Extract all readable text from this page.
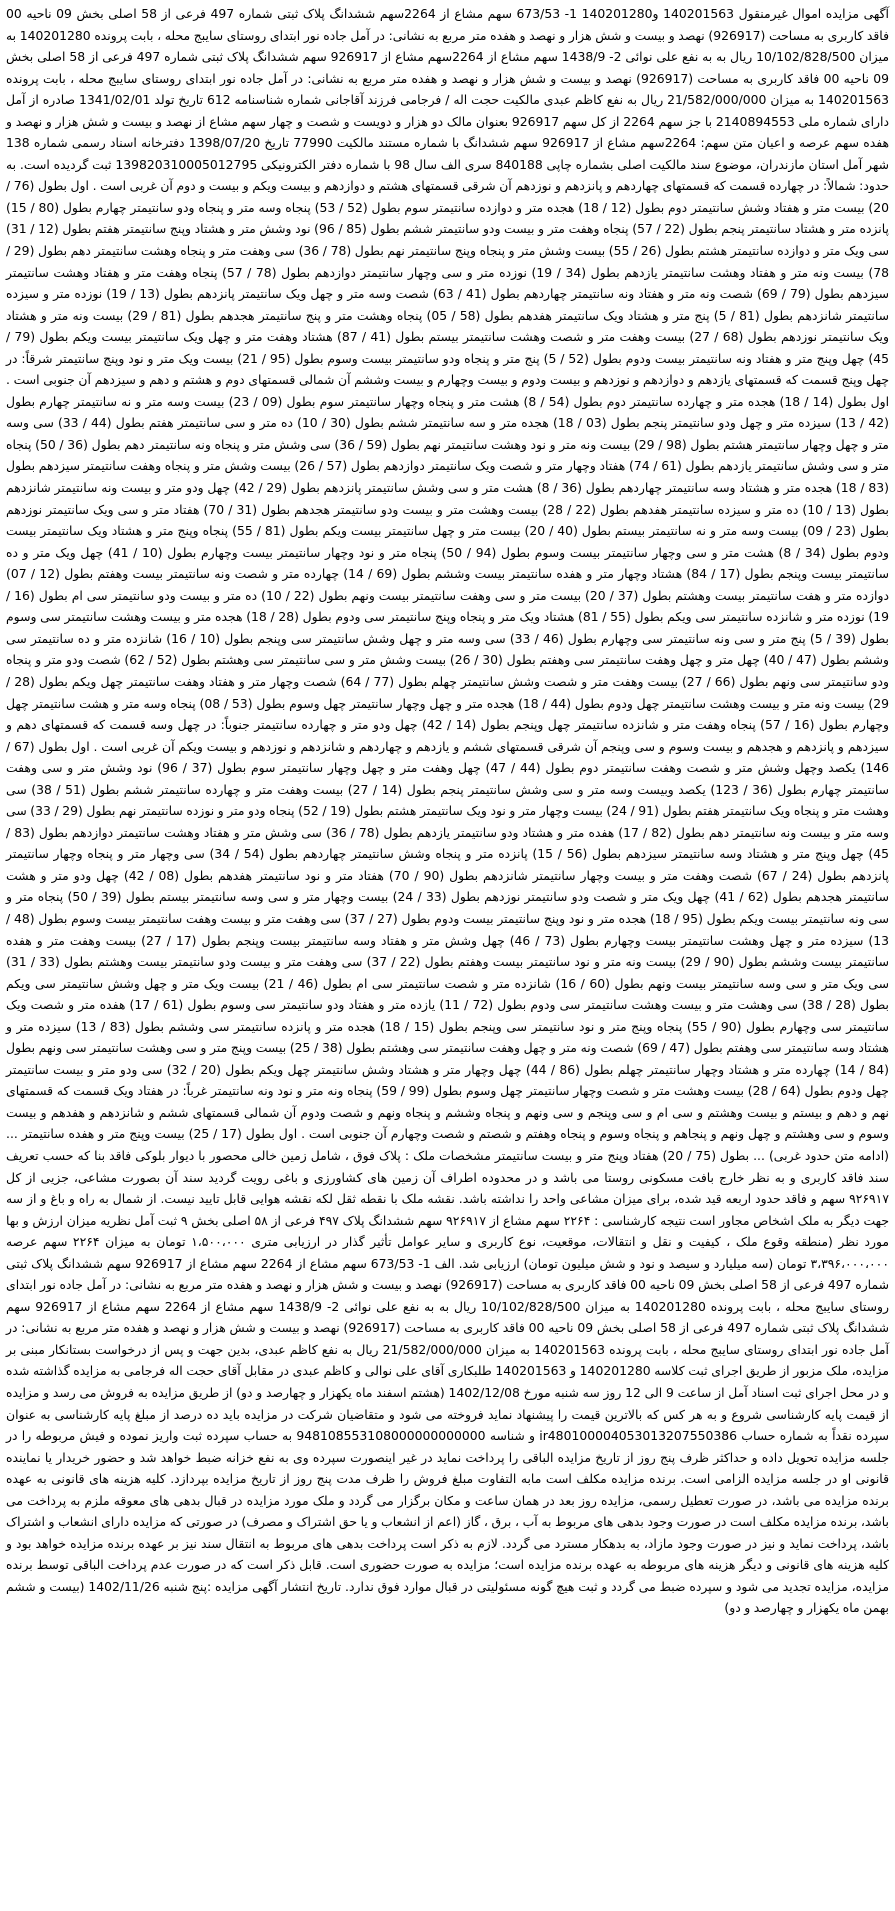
آگهی مزایده اموال غیرمنقول 140201563 و140201280 1- 673/53 سهم مشاع از 2264سهم ششدانگ پلاک ثبتی شماره 497 فرعی از 58 اصلی بخش 09 ناحیه 00 فاقد کاربری به مساحت (926917) نهصد و بیست و شش هزار و نهصد و هفده متر مربع به نشانی: در آمل جاده نور ابتدای روستای سایبج محله ، بابت پرونده 140201280 به میزان 10/102/828/500 ریال به به نفع علی نوائی 2- 1438/9 سهم مشاع از 2264سهم مشاع از 926917 سهم ششدانگ پلاک ثبتی شماره 497 فرعی از 58 اصلی بخش 09 ناحیه 00 فاقد کاربری به مساحت (926917) نهصد و بیست و شش هزار و نهصد و هفده متر مربع به نشانی: در آمل جاده نور ابتدای روستای سایبج محله ، بابت پرونده 140201563 به میزان 21/582/000/000 ریال به نفع کاظم عبدی مالکیت حجت اله / فرجامی فرزند آقاجانی شماره شناسنامه 612 تاریخ تولد 1341/02/01 صادره از آمل دارای شماره ملی 2140894553 با جز سهم 2264 از کل سهم 926917 بعنوان مالک دو هزار و دویست و شصت و چهار سهم مشاع از نهصد و بیست و شش هزار و نهصد و هفده سهم عرصه و اعیان متن سهم: 2264سهم مشاع از 926917 سهم ششدانگ با شماره مستند مالکیت 77990 تاریخ 1398/07/20 دفترخانه اسناد رسمی شماره 138 شهر آمل استان مازندران، موضوع سند مالکیت اصلی بشماره چاپی 840188 سری الف سال 98 با شماره دفتر الکترونیکی 139820310005012795 ثبت گردیده است. به حدود: شمالاً: در چهارده قسمت که قسمتهای چهاردهم و پانزدهم و نوزدهم آن شرقی قسمتهای هشتم و دوازدهم و بیست ویکم و بیست و دوم آن غربی است . اول بطول (76 / 20) بیست متر و هفتاد وشش سانتیمتر دوم بطول (12 / 18) هجده متر و دوازده سانتیمتر سوم بطول (52 / 53) پنجاه وسه متر و پنجاه ودو سانتیمتر چهارم بطول (80 / 15) پانزده متر و هشتاد سانتیمتر پنجم بطول (22 / 57) پنجاه وهفت متر و بیست ودو سانتیمتر ششم بطول (85 / 96) نود وشش متر و هشتاد وپنج سانتیمتر هفتم بطول (12 / 31) سی ویک متر و دوازده سانتیمتر هشتم بطول (26 / 55) بیست وشش متر و پنجاه وپنج سانتیمتر نهم بطول (78 / 36) سی وهفت متر و پنجاه وهشت سانتیمتر دهم بطول (29 / 78) بیست ونه متر و هفتاد وهشت سانتیمتر یازدهم بطول (34 / 19) نوزده متر و سی وچهار سانتیمتر دوازدهم بطول (78 / 57) پنجاه وهفت متر و هفتاد وهشت سانتیمتر سیزدهم بطول (79 / 69) شصت ونه متر و هفتاد ونه سانتیمتر چهاردهم بطول (41 / 63) شصت وسه متر و چهل ویک سانتیمتر پانزدهم بطول (13 / 19) نوزده متر و سیزده سانتیمتر شانزدهم بطول (81 / 5) پنج متر و هشتاد ویک سانتیمتر هفدهم بطول (58 / 05) پنجاه وهشت متر و پنج سانتیمتر هجدهم بطول (81 / 29) بیست ونه متر و هشتاد ویک سانتیمتر نوزدهم بطول (68 / 27) بیست وهفت متر و شصت وهشت سانتیمتر بیستم بطول (41 / 87) هشتاد وهفت متر و چهل ویک سانتیمتر بیست ویکم بطول (79 / 45) چهل وپنج متر و هفتاد ونه سانتیمتر بیست ودوم بطول (52 / 5) پنج متر و پنجاه ودو سانتیمتر بیست وسوم بطول (95 / 21) بیست ویک متر و نود وپنج سانتیمتر شرقاً: در چهل وپنج قسمت که قسمتهای یازدهم و دوازدهم و نوزدهم و بیست ودوم و بیست وچهارم و بیست وششم آن شمالی قسمتهای دوم و هشتم و دهم و سیزدهم آن جنوبی است . اول بطول (14 / 18) هجده متر و چهارده سانتیمتر دوم بطول (54 / 8) هشت متر و پنجاه وچهار سانتیمتر سوم بطول (09 / 23) بیست وسه متر و نه سانتیمتر چهارم بطول (42 / 13) سیزده متر و چهل ودو سانتیمتر پنجم بطول (03 / 18) هجده متر و سه سانتیمتر ششم بطول (30 / 10) ده متر و سی سانتیمتر هفتم بطول (44 / 33) سی وسه متر و چهل وچهار سانتیمتر هشتم بطول (98 / 29) بیست ونه متر و نود وهشت سانتیمتر نهم بطول (59 / 36) سی وشش متر و پنجاه ونه سانتیمتر دهم بطول (36 / 50) پنجاه متر و سی وشش سانتیمتر یازدهم بطول (61 / 74) هفتاد وچهار متر و شصت ویک سانتیمتر دوازدهم بطول (57 / 26) بیست وشش متر و پنجاه وهفت سانتیمتر سیزدهم بطول (83 / 18) هجده متر و هشتاد وسه سانتیمتر چهاردهم بطول (36 / 8) هشت متر و سی وشش سانتیمتر پانزدهم بطول (29 / 42) چهل ودو متر و بیست ونه سانتیمتر شانزدهم بطول (13 / 10) ده متر و سیزده سانتیمتر هفدهم بطول (22 / 28) بیست وهشت متر و بیست ودو سانتیمتر هجدهم بطول (31 / 70) هفتاد متر و سی ویک سانتیمتر نوزدهم بطول (23 / 09) بیست وسه متر و نه سانتیمتر بیستم بطول (40 / 20) بیست متر و چهل سانتیمتر بیست ویکم بطول (81 / 55) پنجاه وپنج متر و هشتاد ویک سانتیمتر بیست ودوم بطول (34 / 8) هشت متر و سی وچهار سانتیمتر بیست وسوم بطول (94 / 50) پنجاه متر و نود وچهار سانتیمتر بیست وچهارم بطول (10 / 41) چهل ویک متر و ده سانتیمتر بیست وپنجم بطول (17 / 84) هشتاد وچهار متر و هفده سانتیمتر بیست وششم بطول (69 / 14) چهارده متر و شصت ونه سانتیمتر بیست وهفتم بطول (12 / 07) دوازده متر و هفت سانتیمتر بیست وهشتم بطول (37 / 20) بیست متر و سی وهفت سانتیمتر بیست ونهم بطول (22 / 10) ده متر و بیست ودو سانتیمتر سی ام بطول (16 / 19) نوزده متر و شانزده سانتیمتر سی ویکم بطول (55 / 81) هشتاد ویک متر و پنجاه وپنج سانتیمتر سی ودوم بطول (28 / 18) هجده متر و بیست وهشت سانتیمتر سی وسوم بطول (39 / 5) پنج متر و سی ونه سانتیمتر سی وچهارم بطول (46 / 33) سی وسه متر و چهل وشش سانتیمتر سی وپنجم بطول (10 / 16) شانزده متر و ده سانتیمتر سی وششم بطول (47 / 40) چهل متر و چهل وهفت سانتیمتر سی وهفتم بطول (30 / 26) بیست وشش متر و سی سانتیمتر سی وهشتم بطول (52 / 62) شصت ودو متر و پنجاه ودو سانتیمتر سی ونهم بطول (66 / 27) بیست وهفت متر و شصت وشش سانتیمتر چهلم بطول (77 / 64) شصت وچهار متر و هفتاد وهفت سانتیمتر چهل ویکم بطول (28 / 29) بیست ونه متر و بیست وهشت سانتیمتر چهل ودوم بطول (44 / 18) هجده متر و چهل وچهار سانتیمتر چهل وسوم بطول (53 / 08) پنجاه وسه متر و هشت سانتیمتر چهل وچهارم بطول (16 / 57) پنجاه وهفت متر و شانزده سانتیمتر چهل وپنجم بطول (14 / 42) چهل ودو متر و چهارده سانتیمتر جنوباً: در چهل وسه قسمت که قسمتهای دهم و سیزدهم و پانزدهم و هجدهم و بیست وسوم و سی وپنجم آن شرقی قسمتهای ششم و یازدهم و چهاردهم و شانزدهم و نوزدهم و بیست ویکم آن غربی است . اول بطول (67 / 146) یکصد وچهل وشش متر و شصت وهفت سانتیمتر دوم بطول (44 / 47) چهل وهفت متر و چهل وچهار سانتیمتر سوم بطول (37 / 96) نود وشش متر و سی وهفت سانتیمتر چهارم بطول (36 / 123) یکصد وبیست وسه متر و سی وشش سانتیمتر پنجم بطول (14 / 27) بیست وهفت متر و چهارده سانتیمتر ششم بطول (51 / 38) سی وهشت متر و پنجاه ویک سانتیمتر هفتم بطول (91 / 24) بیست وچهار متر و نود ویک سانتیمتر هشتم بطول (19 / 52) پنجاه ودو متر و نوزده سانتیمتر نهم بطول (29 / 33) سی وسه متر و بیست ونه سانتیمتر دهم بطول (82 / 17) هفده متر و هشتاد ودو سانتیمتر یازدهم بطول (78 / 36) سی وشش متر و هفتاد وهشت سانتیمتر دوازدهم بطول (83 / 45) چهل وپنج متر و هشتاد وسه سانتیمتر سیزدهم بطول (56 / 15) پانزده متر و پنجاه وشش سانتیمتر چهاردهم بطول (54 / 34) سی وچهار متر و پنجاه وچهار سانتیمتر پانزدهم بطول (24 / 67) شصت وهفت متر و بیست وچهار سانتیمتر شانزدهم بطول (90 / 70) هفتاد متر و نود سانتیمتر هفدهم بطول (08 / 42) چهل ودو متر و هشت سانتیمتر هجدهم بطول (62 / 41) چهل ویک متر و شصت ودو سانتیمتر نوزدهم بطول (33 / 24) بیست وچهار متر و سی وسه سانتیمتر بیستم بطول (39 / 50) پنجاه متر و سی ونه سانتیمتر بیست ویکم بطول (95 / 18) هجده متر و نود وپنج سانتیمتر بیست ودوم بطول (27 / 37) سی وهفت متر و بیست وهفت سانتیمتر بیست وسوم بطول (48 / 13) سیزده متر و چهل وهشت سانتیمتر بیست وچهارم بطول (73 / 46) چهل وشش متر و هفتاد وسه سانتیمتر بیست وپنجم بطول (17 / 27) بیست وهفت متر و هفده سانتیمتر بیست وششم بطول (90 / 29) بیست ونه متر و نود سانتیمتر بیست وهفتم بطول (22 / 37) سی وهفت متر و بیست ودو سانتیمتر بیست وهشتم بطول (33 / 31) سی ویک متر و سی وسه سانتیمتر بیست ونهم بطول (60 / 16) شانزده متر و شصت سانتیمتر سی ام بطول (46 / 21) بیست ویک متر و چهل وشش سانتیمتر سی ویکم بطول (28 / 38) سی وهشت متر و بیست وهشت سانتیمتر سی ودوم بطول (72 / 11) یازده متر و هفتاد ودو سانتیمتر سی وسوم بطول (61 / 17) هفده متر و شصت ویک سانتیمتر سی وچهارم بطول (90 / 55) پنجاه وپنج متر و نود سانتیمتر سی وپنجم بطول (15 / 18) هجده متر و پانزده سانتیمتر سی وششم بطول (83 / 13) سیزده متر و هشتاد وسه سانتیمتر سی وهفتم بطول (47 / 69) شصت ونه متر و چهل وهفت سانتیمتر سی وهشتم بطول (38 / 25) بیست وپنج متر و سی وهشت سانتیمتر سی ونهم بطول (84 / 14) چهارده متر و هشتاد وچهار سانتیمتر چهلم بطول (86 / 44) چهل وچهار متر و هشتاد وشش سانتیمتر چهل ویکم بطول (20 / 32) سی ودو متر و بیست سانتیمتر چهل ودوم بطول (64 / 28) بیست وهشت متر و شصت وچهار سانتیمتر چهل وسوم بطول (99 / 59) پنجاه ونه متر و نود ونه سانتیمتر غرباً: در هفتاد ویک قسمت که قسمتهای نهم و دهم و بیستم و بیست وهشتم و سی ام و سی وپنجم و سی ونهم و پنجاه وششم و پنجاه ونهم و شصت ودوم آن شمالی قسمتهای ششم و شانزدهم و هفدهم و بیست وسوم و سی وهشتم و چهل ونهم و پنجاهم و پنجاه وسوم و پنجاه وهفتم و شصتم و شصت وچهارم آن جنوبی است . اول بطول (17 / 25) بیست وپنج متر و هفده سانتیمتر ... (ادامه متن حدود غربی) ... بطول (75 / 20) هفتاد وپنج متر و بیست سانتیمتر مشخصات ملک : پلاک فوق ، شامل زمین خالی محصور با دیوار بلوکی فاقد بنا که حسب تعریف سند فاقد کاربری و به نظر خارج بافت مسکونی روستا می باشد و در محدوده اطراف آن زمین های کشاورزی و باغی رویت گردید سند آن بصورت مشاعی، جزیی از کل ۹۲۶۹۱۷ سهم و فاقد حدود اربعه قید شده، برای میزان مشاعی واحد را نداشته باشد. نقشه ملک با نقطه ثقل لکه نقشه هوایی قابل تایید نیست. از شمال به راه و باغ و از سه جهت دیگر به ملک اشخاص مجاور است نتیجه کارشناسی : ۲۲۶۴ سهم مشاع از ۹۲۶۹۱۷ سهم ششدانگ پلاک ۴۹۷ فرعی از ۵۸ اصلی بخش ۹ ثبت آمل نظریه میزان ارزش و بها مورد نظر (منطقه وقوع ملک ، کیفیت و نقل و انتقالات، موقعیت، نوع کاربری و سایر عوامل تأثیر گذار در ارزیابی متری ۱،۵۰۰،۰۰۰ تومان به میزان ۲۲۶۴ سهم عرصه ۳،۳۹۶،۰۰۰،۰۰۰ تومان (سه میلیارد و سیصد و نود و شش میلیون تومان) ارزیابی شد. الف 1- 673/53 سهم مشاع از 2264 سهم مشاع از 926917 سهم ششدانگ پلاک ثبتی شماره 497 فرعی از 58 اصلی بخش 09 ناحیه 00 فاقد کاربری به مساحت (926917) نهصد و بیست و شش هزار و نهصد و هفده متر مربع به نشانی: در آمل جاده نور ابتدای روستای سایبج محله ، بابت پرونده 140201280 به میزان 10/102/828/500 ریال به به نفع علی نوائی 2- 1438/9 سهم مشاع از 2264 سهم مشاع از 926917 سهم ششدانگ پلاک ثبتی شماره 497 فرعی از 58 اصلی بخش 09 ناحیه 00 فاقد کاربری به مساحت (926917) نهصد و بیست و شش هزار و نهصد و هفده متر مربع به نشانی: در آمل جاده نور ابتدای روستای سایبج محله ، بابت پرونده 140201563 به میزان 21/582/000/000 ریال به نفع کاظم عبدی، بدین جهت و پس از درخواست بستانکار مبنی بر مزایده، ملک مزبور از طریق اجرای ثبت کلاسه 140201280 و 140201563 طلبکاری آقای علی نوالی و کاظم عبدی در مقابل آقای حجت اله فرجامی به مزایده گذاشته شده و در محل اجرای ثبت اسناد آمل از ساعت 9 الی 12 روز سه شنبه مورخ 1402/12/08 (هشتم اسفند ماه یکهزار و چهارصد و دو) از طریق مزایده به فروش می رسد و مزایده از قیمت پایه کارشناسی شروع و به هر کس که بالاترین قیمت را پیشنهاد نماید فروخته می شود و متقاضیان شرکت در مزایده باید ده درصد از مبلغ پایه کارشناسی به عنوان سپرده نقداً به شماره حساب ir480100004053013207550386 و شناسه 948108553108000000000000 به حساب سپرده ثبت واریز نموده و فیش مربوطه را در جلسه مزایده تحویل داده و حداکثر ظرف پنج روز از تاریخ مزایده الباقی را پرداخت نماید در غیر اینصورت سپرده وی به نفع خزانه ضبط خواهد شد و حضور خریدار یا نماینده قانونی او در جلسه مزایده الزامی است. برنده مزایده مکلف است مابه التفاوت مبلغ فروش را ظرف مدت پنج روز از تاریخ مزایده بپردازد. کلیه هزینه های قانونی به عهده برنده مزایده می باشد، در صورت تعطیل رسمی، مزایده روز بعد در همان ساعت و مکان برگزار می گردد و ملک مورد مزایده در قبال بدهی های معوقه ملزم به پرداخت می باشد، برنده مزایده مکلف است در صورت وجود بدهی های مربوط به آب ، برق ، گاز (اعم از انشعاب و یا حق اشتراک و مصرف) در صورتی که مزایده دارای انشعاب و اشتراک باشد، پرداخت نماید و نیز در صورت وجود مازاد، به بدهکار مسترد می گردد. لازم به ذکر است پرداخت بدهی های مربوط به انتقال سند نیز بر عهده برنده مزایده خواهد بود و کلیه هزینه های قانونی و دیگر هزینه های مربوطه به عهده برنده مزایده است؛ مزایده به صورت حضوری است. قابل ذکر است که در صورت عدم پرداخت الباقی توسط برنده مزایده، مزایده تجدید می شود و سپرده ضبط می گردد و ثبت هیچ گونه مسئولیتی در قبال موارد فوق ندارد. تاریخ انتشار آگهی مزایده :پنج شنبه 1402/11/26 (بیست و ششم بهمن ماه یکهزار و چهارصد و دو)
